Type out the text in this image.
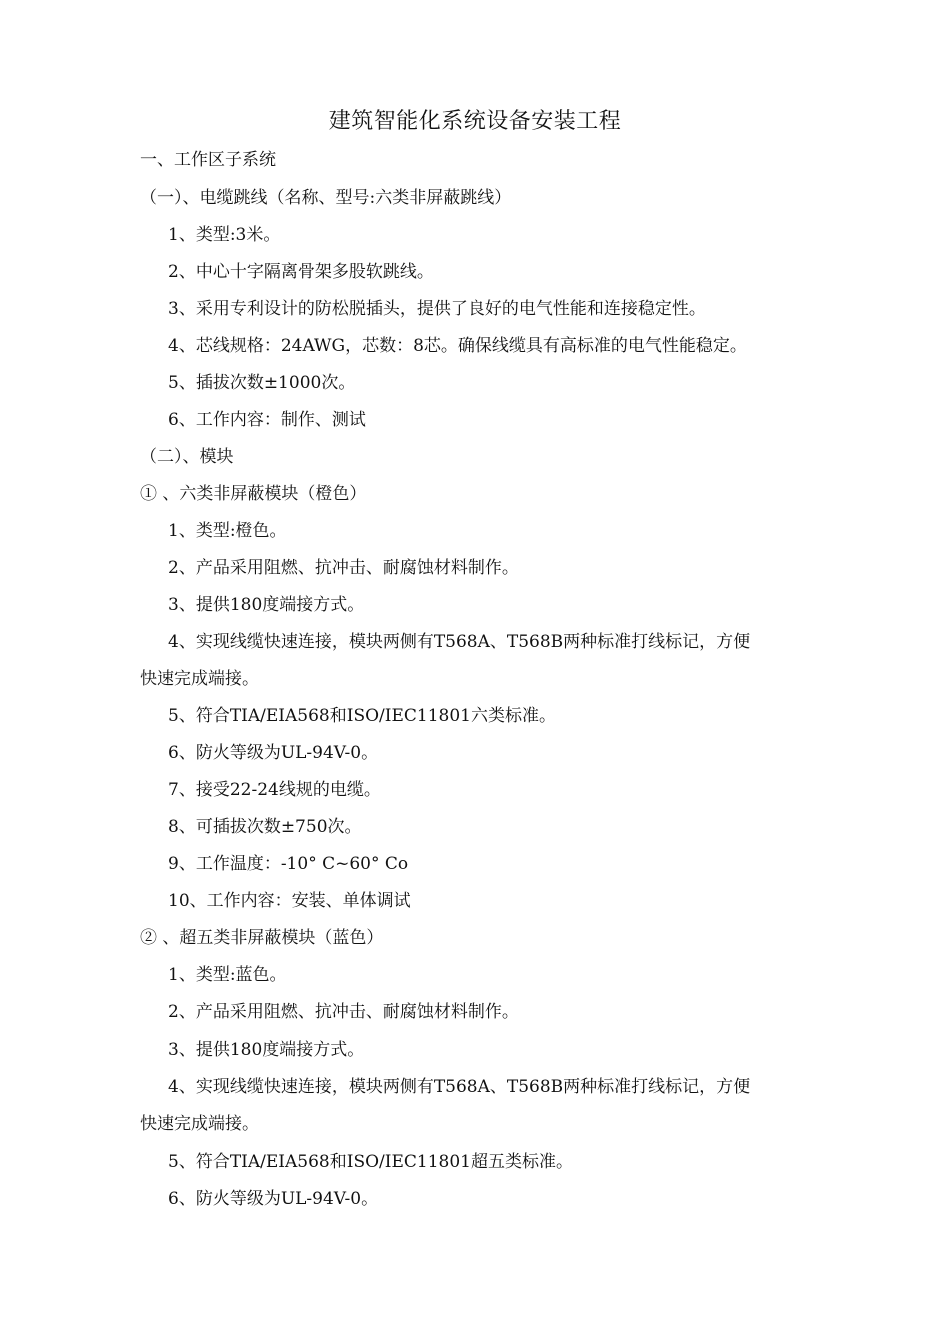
建筑智能化系统设备安装工程
一、工作区子系统
（一）、电缆跳线（名称、型号:六类非屏蔽跳线）
1、类型:3米。
2、中心十字隔离骨架多股软跳线。
3、采用专利设计的防松脱插头，提供了良好的电气性能和连接稳定性。
4、芯线规格：24AWG，芯数：8芯。确保线缆具有高标准的电气性能稳定。
5、插拔次数±1000次。
6、工作内容：制作、测试
（二）、模块
① 、六类非屏蔽模块（橙色）
1、类型:橙色。
2、产品采用阻燃、抗冲击、耐腐蚀材料制作。
3、提供180度端接方式。
4、实现线缆快速连接，模块两侧有T568A、T568B两种标准打线标记，方便
快速完成端接。
5、符合TIA/EIA568和ISO/IEC11801六类标准。
6、防火等级为UL-94V-0。
7、接受22-24线规的电缆。
8、可插拔次数±750次。
9、工作温度：-10° C~60° Co
10、工作内容：安装、单体调试
② 、超五类非屏蔽模块（蓝色）
1、类型:蓝色。
2、产品采用阻燃、抗冲击、耐腐蚀材料制作。
3、提供180度端接方式。
4、实现线缆快速连接，模块两侧有T568A、T568B两种标准打线标记，方便
快速完成端接。
5、符合TIA/EIA568和ISO/IEC11801超五类标准。
6、防火等级为UL-94V-0。
